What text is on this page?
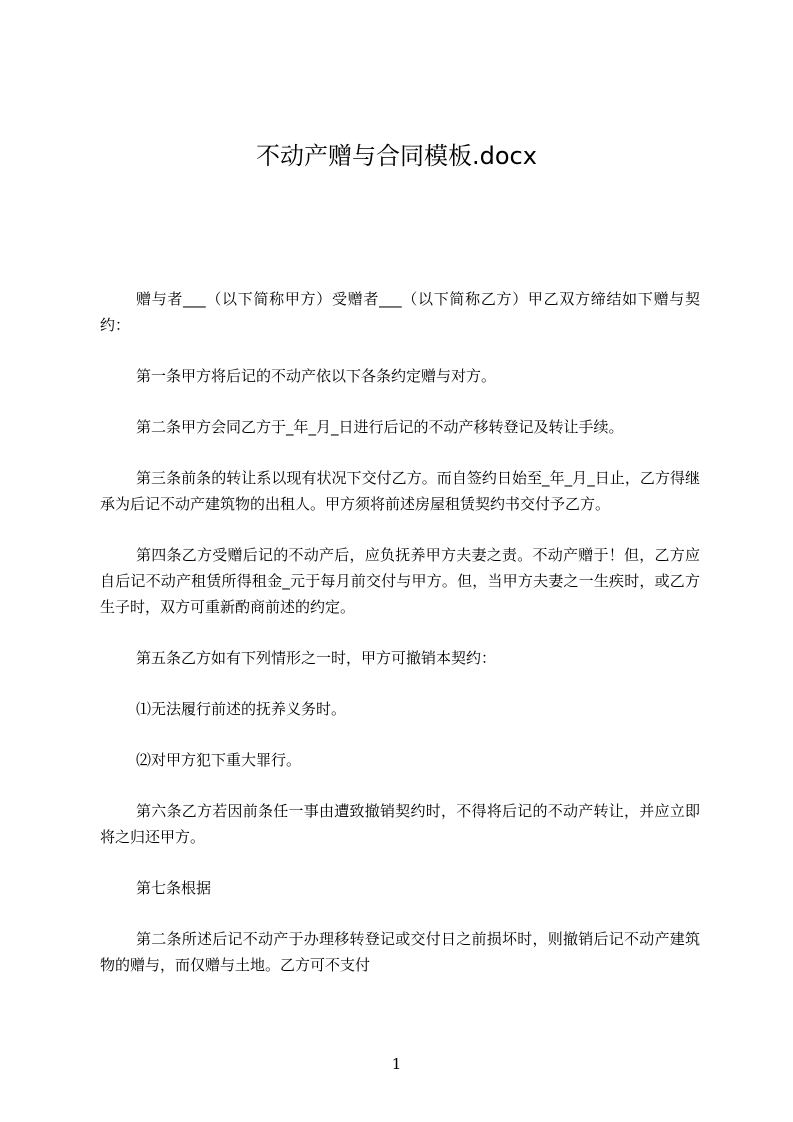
不动产赠与合同模板.docx

赠与者___（以下简称甲方）受赠者___（以下简称乙方）甲乙双方缔结如下赠与契约：

第一条甲方将后记的不动产依以下各条约定赠与对方。

第二条甲方会同乙方于_年_月_日进行后记的不动产移转登记及转让手续。

第三条前条的转让系以现有状况下交付乙方。而自签约日始至_年_月_日止，乙方得继承为后记不动产建筑物的出租人。甲方须将前述房屋租赁契约书交付予乙方。

第四条乙方受赠后记的不动产后，应负抚养甲方夫妻之责。不动产赠于！但，乙方应自后记不动产租赁所得租金_元于每月前交付与甲方。但，当甲方夫妻之一生疾时，或乙方生子时，双方可重新酌商前述的约定。

第五条乙方如有下列情形之一时，甲方可撤销本契约：

⑴无法履行前述的抚养义务时。

⑵对甲方犯下重大罪行。

第六条乙方若因前条任一事由遭致撤销契约时，不得将后记的不动产转让，并应立即将之归还甲方。

第七条根据

第二条所述后记不动产于办理移转登记或交付日之前损坏时，则撤销后记不动产建筑物的赠与，而仅赠与土地。乙方可不支付

1
